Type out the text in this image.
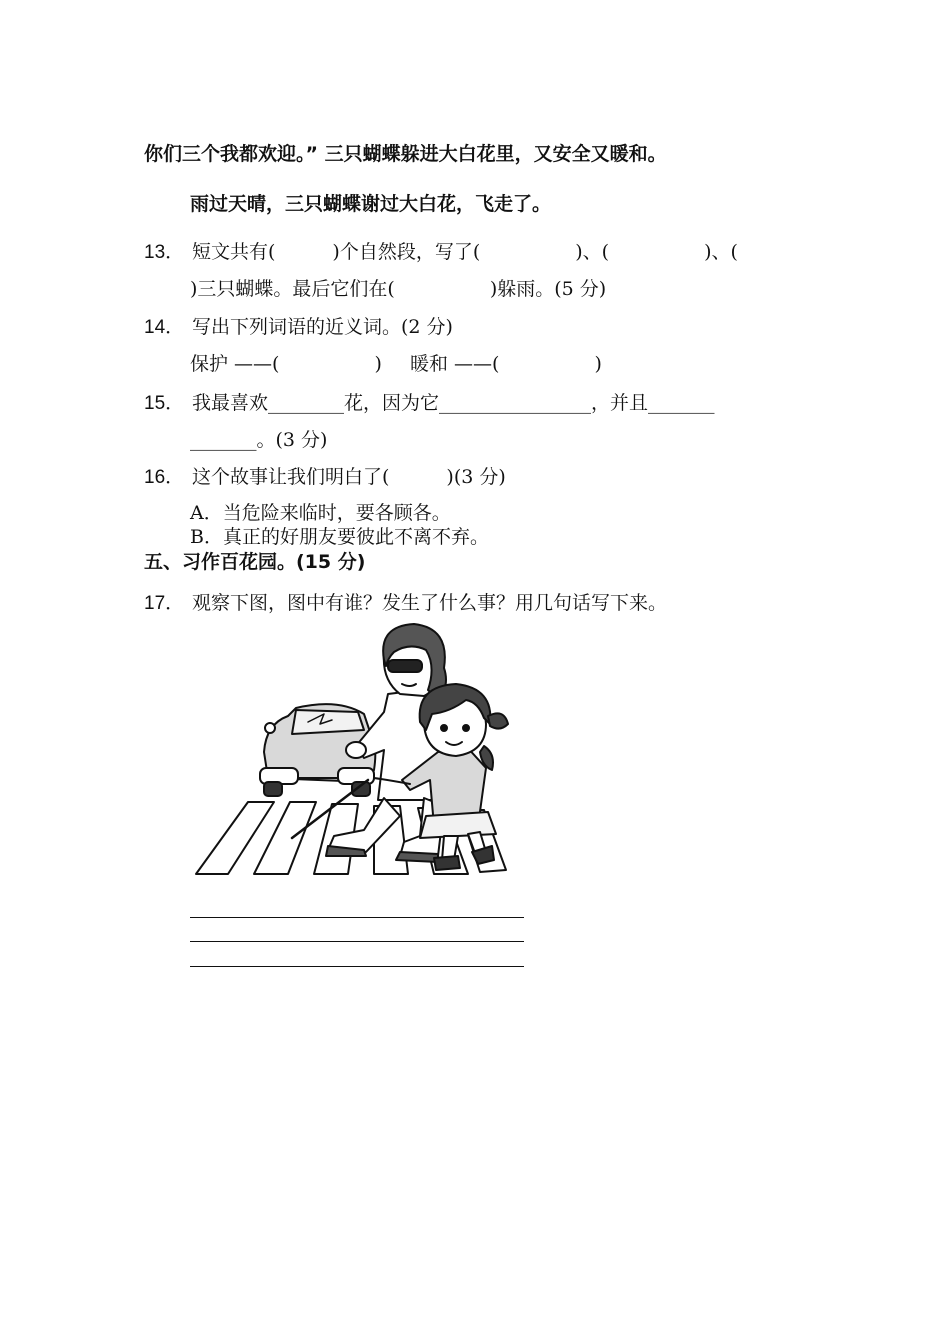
你们三个我都欢迎。” 三只蝴蝶躲进大白花里，又安全又暖和。
雨过天晴，三只蝴蝶谢过大白花，飞走了。
13． 短文共有(　　　)个自然段，写了(　　　　　)、(　　　　　)、(
)三只蝴蝶。最后它们在(　　　　　)躲雨。(5 分)
14． 写出下列词语的近义词。(2 分)
保护 ——(　　　　　) 暖和 ——(　　　　　)
15． 我最喜欢________花，因为它________________，并且_______
_______。(3 分)
16． 这个故事让我们明白了(　　　)(3 分)
A．当危险来临时，要各顾各。
B．真正的好朋友要彼此不离不弃。
五、习作百花园。(15 分)
17． 观察下图，图中有谁？发生了什么事？用几句话写下来。
